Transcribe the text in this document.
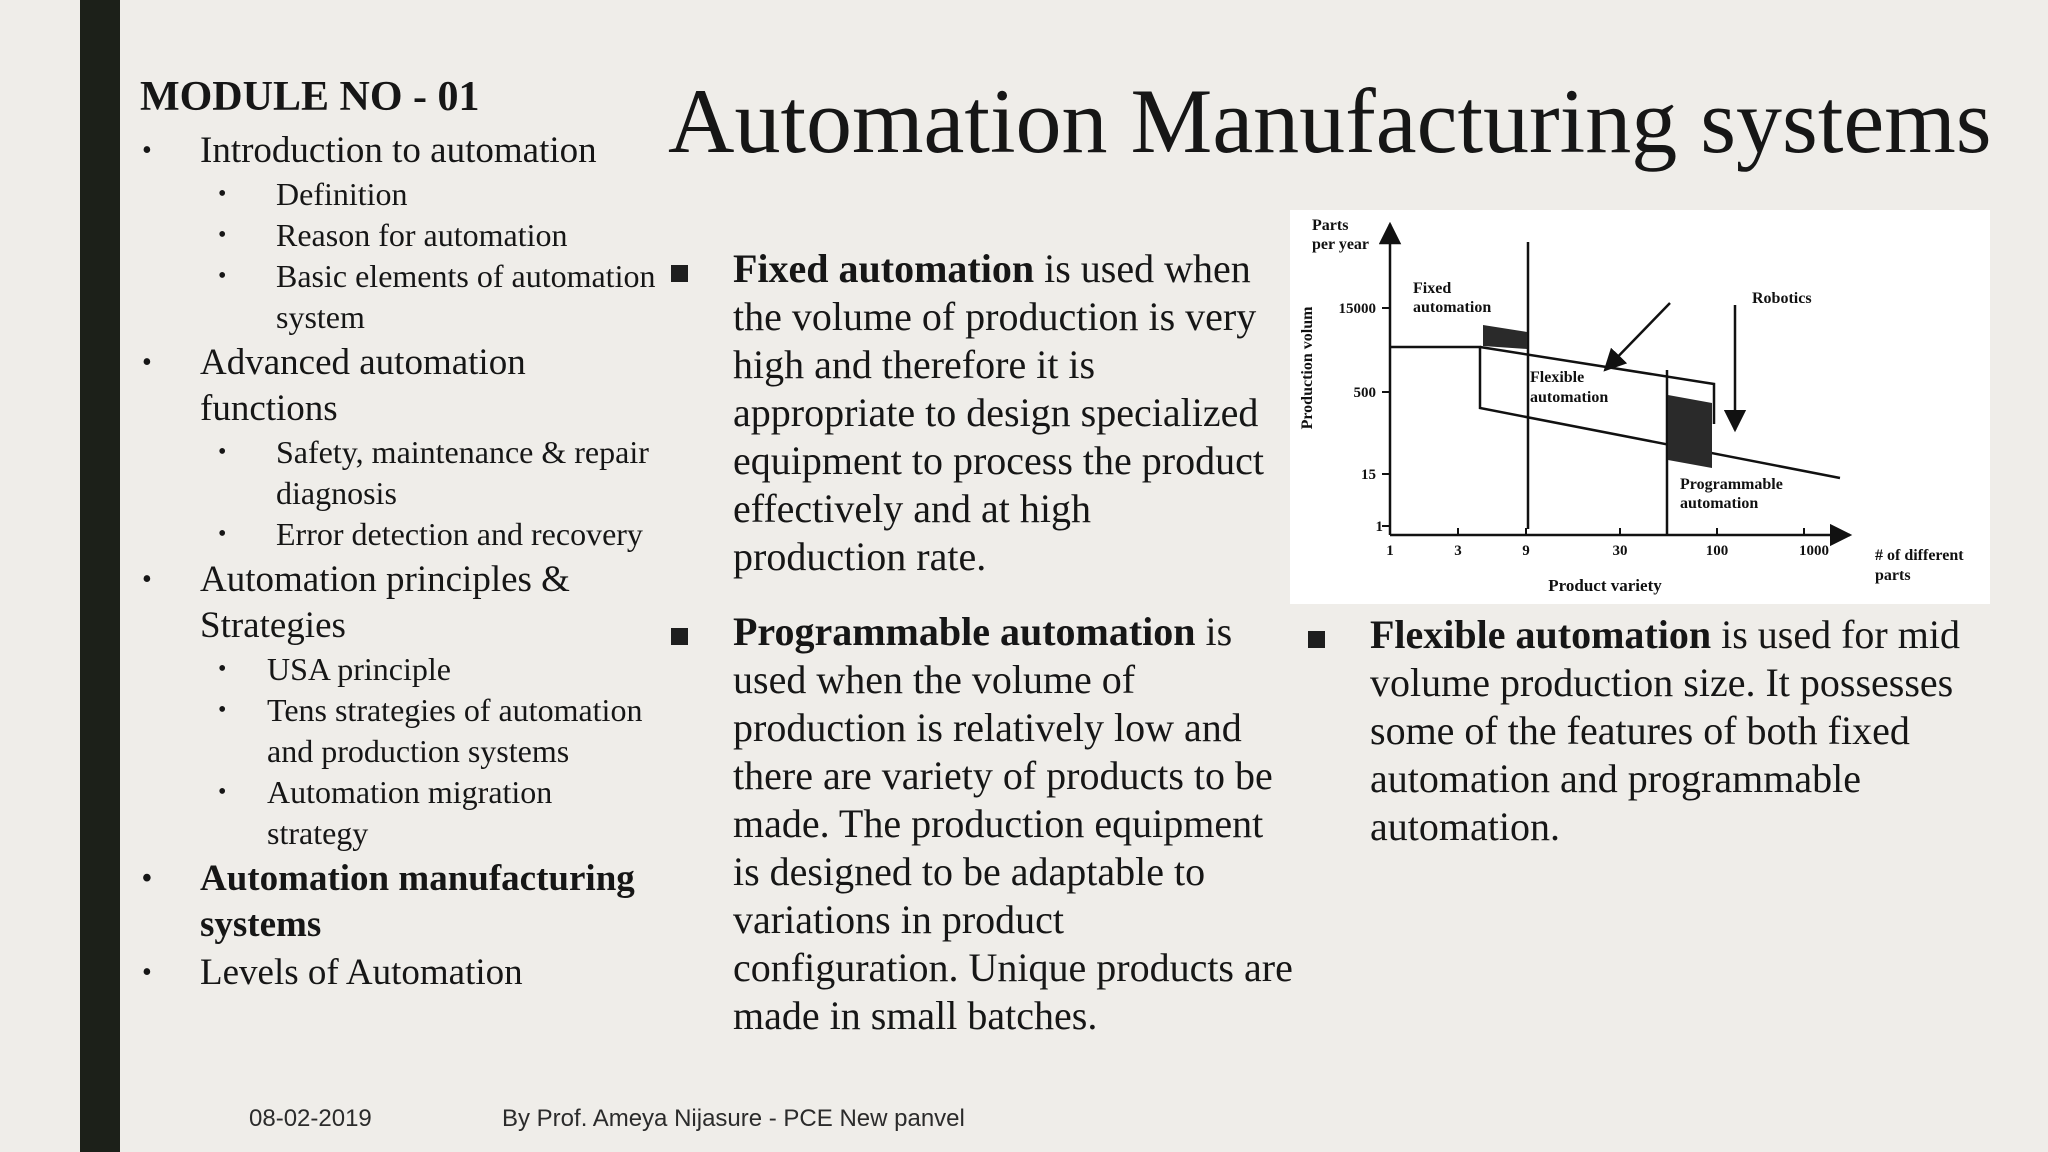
MODULE NO - 01
• Introduction to automation
• Definition
• Reason for automation
• Basic elements of automation system
• Advanced automation functions
• Safety, maintenance & repair diagnosis
• Error detection and recovery
• Automation principles & Strategies
• USA principle
• Tens strategies of automation and production systems
• Automation migration strategy
• Automation manufacturing systems
• Levels of Automation
Automation Manufacturing systems
Fixed automation is used when the volume of production is very high and therefore it is appropriate to design specialized equipment to process the product effectively and at high production rate.
Programmable automation is used when the volume of production is relatively low and there are variety of products to be made. The production equipment is designed to be adaptable to variations in product configuration. Unique products are made in small batches.
Flexible automation is used for mid volume production size. It possesses some of the features of both fixed automation and programmable automation.
15000
500
15
1
1	3	9	30	100	1000
Parts
per year
Production volum
Product variety
# of different
parts
Fixed
automation
Flexible
automation
Programmable
automation
Robotics
08-02-2019	By Prof. Ameya Nijasure - PCE New panvel
